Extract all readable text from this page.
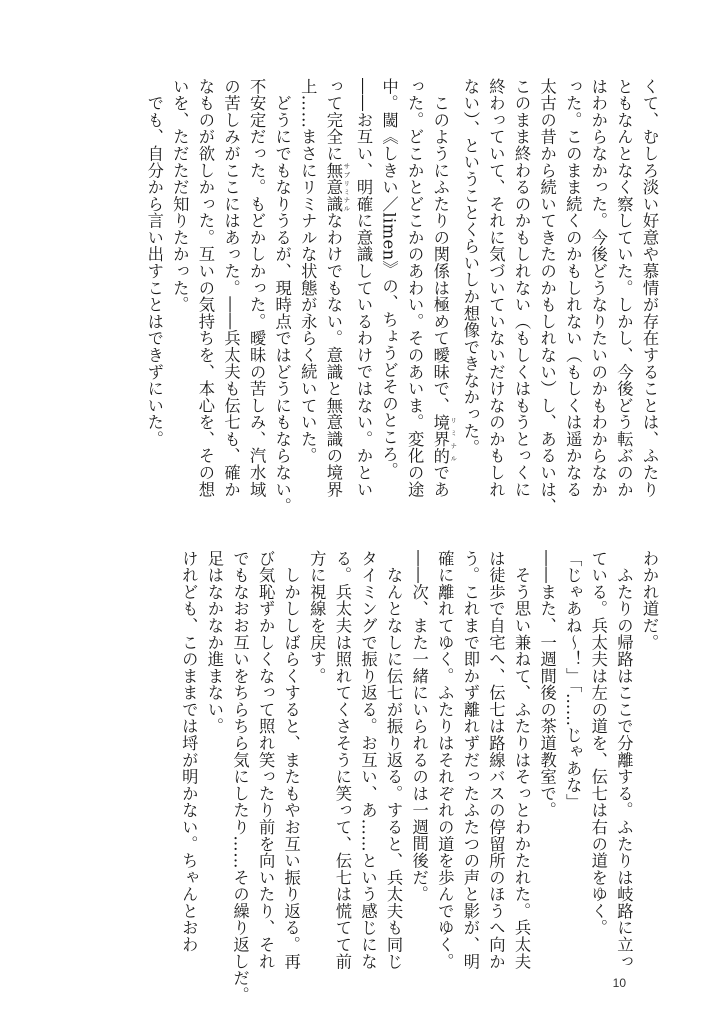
くて、むしろ淡い好意や慕情が存在することは、ふたり
ともなんとなく察していた。しかし、今後どう転ぶのか
はわからなかった。今後どうなりたいのかもわからなか
った。このまま続くのかもしれない（もしくは遥かなる
太古の昔から続いてきたのかもしれない）し、あるいは、
このまま終わるのかもしれない（もしくはもうとっくに
終わっていて、それに気づいていないだけなのかもしれ
ない）、ということくらいしか想像できなかった。
　このようにふたりの関係は極めて曖昧で、境界的 リミナルであ
った。どこかとどこかのあわい。そのあいま。変化の途
中。閾《しきい／limen》の、ちょうどそのところ。
――お互い、明確に意識しているわけではない。かとい
って完全に無意識 サブリミナルなわけでもない。意識と無意識の境界
上……まさにリミナルな状態が永らく続いていた。
　どうにでもなりうるが、現時点ではどうにもならない。
不安定だった。もどかしかった。曖昧の苦しみ、汽水域
の苦しみがここにはあった。――兵太夫も伝七も、確か
なものが欲しかった。互いの気持ちを、本心を、その想
いを、ただただ知りたかった。
　でも、自分から言い出すことはできずにいた。
わかれ道だ。
　ふたりの帰路はここで分離する。ふたりは岐路に立っ
ている。兵太夫は左の道を、伝七は右の道をゆく。
「じゃあね～！」「……じゃあな」
――また、一週間後の茶道教室で。
　そう思い兼ねて、ふたりはそっとわかたれた。兵太夫
は徒歩で自宅へ、伝七は路線バスの停留所のほうへ向か
う。これまで即かず離れずだったふたつの声と影が、明
確に離れてゆく。ふたりはそれぞれの道を歩んでゆく。
――次、また一緒にいられるのは一週間後だ。
　なんとなしに伝七が振り返る。すると、兵太夫も同じ
タイミングで振り返る。お互い、あ……という感じにな
る。兵太夫は照れてくさそうに笑って、伝七は慌てて前
方に視線を戻す。
　しかししばらくすると、またもやお互い振り返る。再
び気恥ずかしくなって照れ笑ったり前を向いたり、それ
でもなおお互いをちらちら気にしたり……その繰り返しだ。
足はなかなか進まない。
けれども、このままでは埒が明かない。ちゃんとおわ
10
